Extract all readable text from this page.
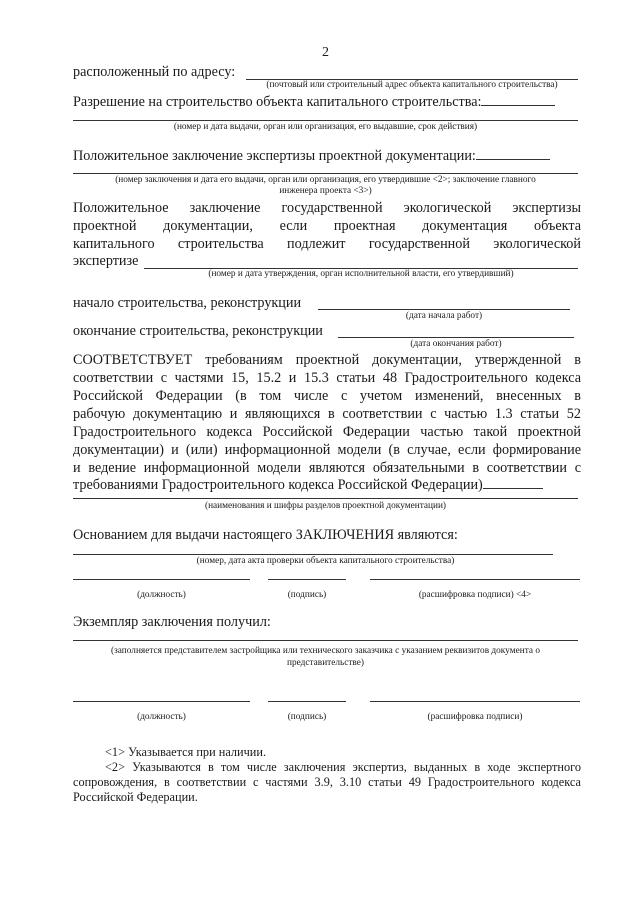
2
расположенный по адресу:
(почтовый или строительный адрес объекта капитального строительства)
Разрешение на строительство объекта капитального строительства:
(номер и дата выдачи, орган или организация, его выдавшие, срок действия)
Положительное заключение экспертизы проектной документации:
(номер заключения и дата его выдачи, орган или организация, его утвердившие <2>; заключение главного
инженера проекта <3>)
Положительное заключение государственной экологической экспертизы
проектной документации, если проектная документация объекта
капитального строительства подлежит государственной экологической
экспертизе
(номер и дата утверждения, орган исполнительной власти, его утвердивший)
начало строительства, реконструкции
(дата начала работ)
окончание строительства, реконструкции
(дата окончания работ)
СООТВЕТСТВУЕТ требованиям проектной документации, утвержденной в
соответствии с частями 15, 15.2 и 15.3 статьи 48 Градостроительного кодекса
Российской Федерации (в том числе с учетом изменений, внесенных в
рабочую документацию и являющихся в соответствии с частью 1.3 статьи 52
Градостроительного кодекса Российской Федерации частью такой проектной
документации) и (или) информационной модели (в случае, если формирование
и ведение информационной модели являются обязательными в соответствии с
требованиями Градостроительного кодекса Российской Федерации)
(наименования и шифры разделов проектной документации)
Основанием для выдачи настоящего ЗАКЛЮЧЕНИЯ являются:
(номер, дата акта проверки объекта капитального строительства)
(должность)	(подпись)	(расшифровка подписи) <4>
Экземпляр заключения получил:
(заполняется представителем застройщика или технического заказчика с указанием реквизитов документа о
представительстве)
(должность)	(подпись)	(расшифровка подписи)
<1> Указывается при наличии.
<2> Указываются в том числе заключения экспертиз, выданных в ходе экспертного
сопровождения, в соответствии с частями 3.9, 3.10 статьи 49 Градостроительного кодекса
Российской Федерации.
